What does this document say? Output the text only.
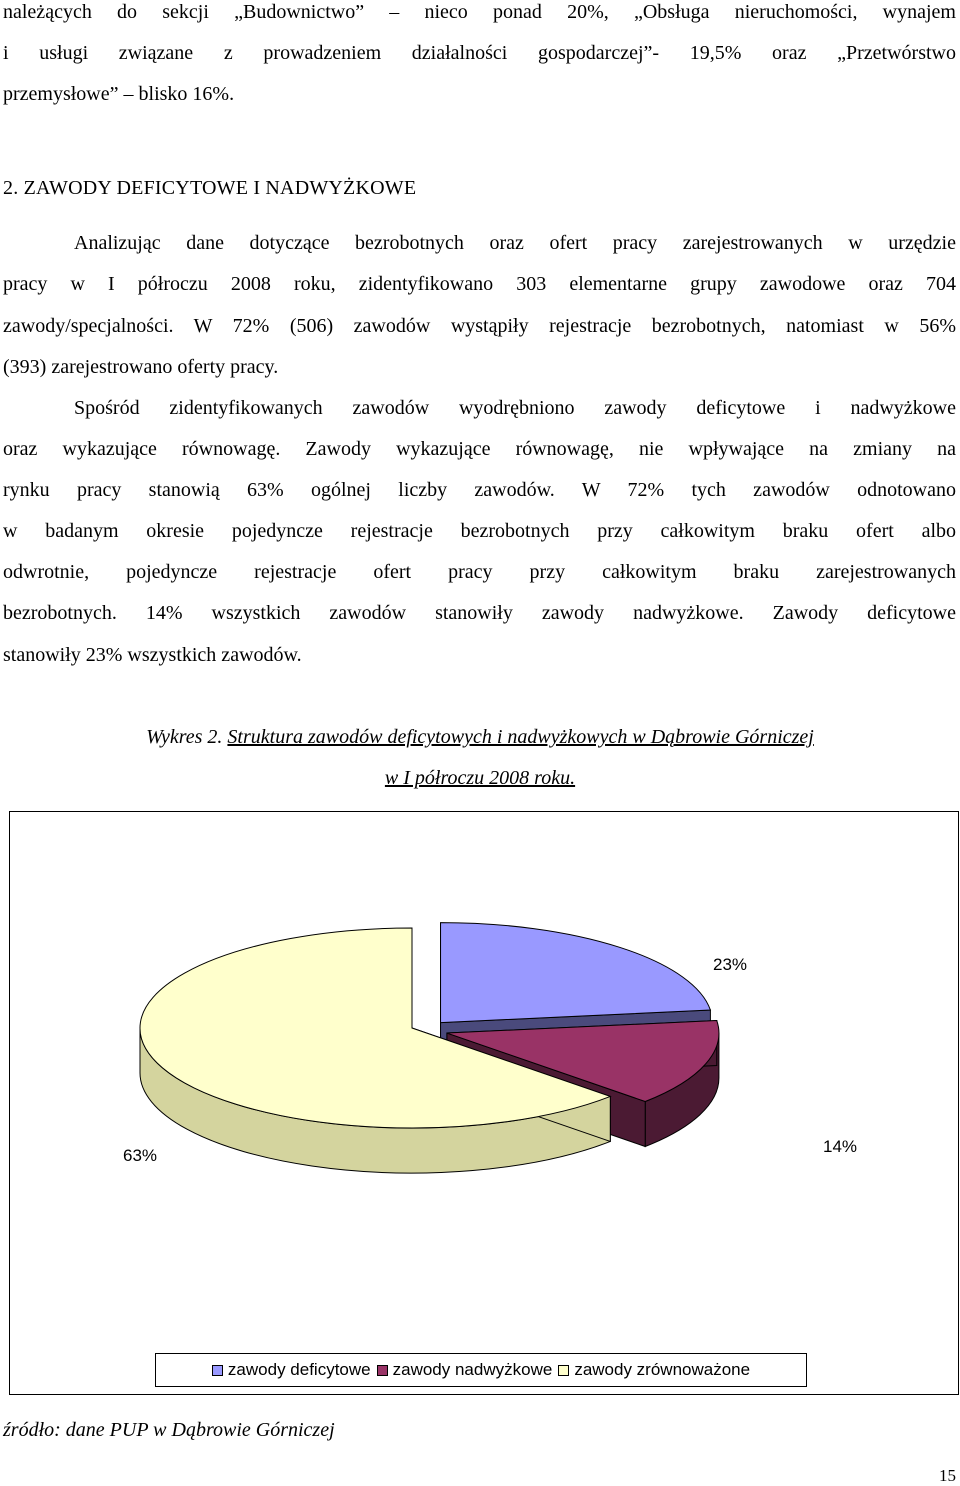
należących do sekcji „Budownictwo” – nieco ponad 20%, „Obsługa nieruchomości, wynajem
i usługi związane z prowadzeniem działalności gospodarczej”- 19,5% oraz „Przetwórstwo
przemysłowe” – blisko 16%.
2. ZAWODY DEFICYTOWE I NADWYŻKOWE
Analizując dane dotyczące bezrobotnych oraz ofert pracy zarejestrowanych w urzędzie
pracy w I półroczu 2008 roku, zidentyfikowano 303 elementarne grupy zawodowe oraz 704
zawody/specjalności. W 72% (506) zawodów wystąpiły rejestracje bezrobotnych, natomiast w 56%
(393) zarejestrowano oferty pracy.
Spośród zidentyfikowanych zawodów wyodrębniono zawody deficytowe i nadwyżkowe
oraz wykazujące równowagę. Zawody wykazujące równowagę, nie wpływające na zmiany na
rynku pracy stanowią 63% ogólnej liczby zawodów. W 72% tych zawodów odnotowano
w badanym okresie pojedyncze rejestracje bezrobotnych przy całkowitym braku ofert albo
odwrotnie, pojedyncze rejestracje ofert pracy przy całkowitym braku zarejestrowanych
bezrobotnych. 14% wszystkich zawodów stanowiły zawody nadwyżkowe. Zawody deficytowe
stanowiły 23% wszystkich zawodów.
Wykres 2. Struktura zawodów deficytowych i nadwyżkowych w Dąbrowie Górniczej
w I półroczu 2008 roku.
23%
14%
63%
zawody deficytowe zawody nadwyżkowe zawody zrównoważone
źródło: dane PUP w Dąbrowie Górniczej
15
